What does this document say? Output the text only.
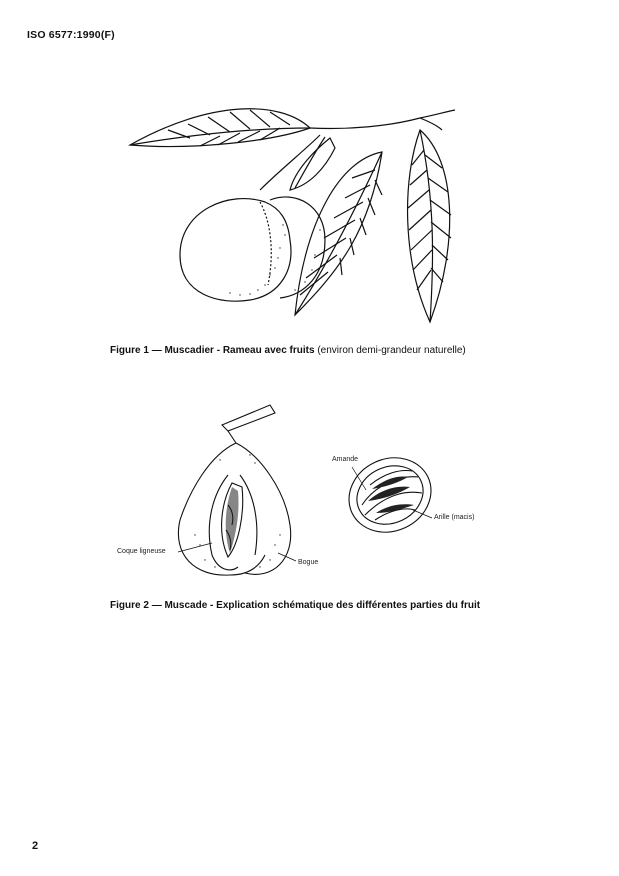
ISO 6577:1990(F)
Figure 1 — Muscadier - Rameau avec fruits (environ demi-grandeur naturelle)
Amande
Arille (macis)
Coque ligneuse
Bogue
Figure 2 — Muscade - Explication schématique des différentes parties du fruit
2
